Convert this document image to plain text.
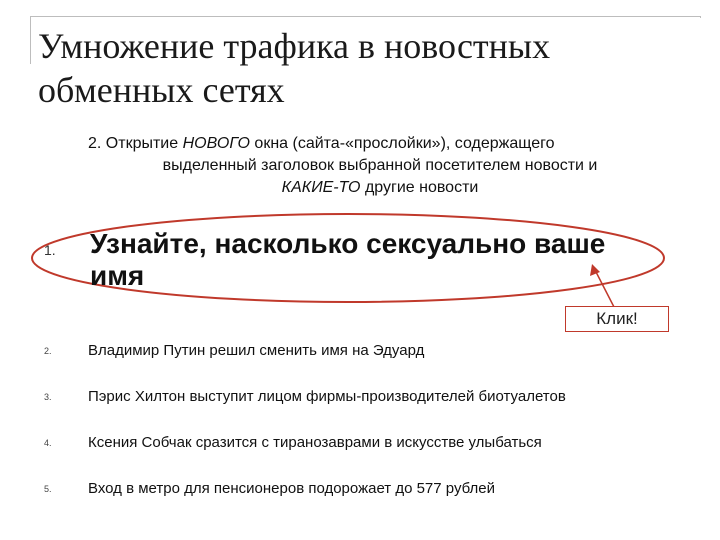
Умножение трафика в новостных обменных сетях

2. Открытие НОВОГО окна (сайта-«прослойки»), содержащего
выделенный заголовок выбранной посетителем новости и
КАКИЕ-ТО другие новости

1. Узнайте, насколько сексуально ваше имя
Клик!
2. Владимир Путин решил сменить имя на Эдуард
3. Пэрис Хилтон выступит лицом фирмы-производителей биотуалетов
4. Ксения Собчак сразится с тиранозаврами в искусстве улыбаться
5. Вход в метро для пенсионеров подорожает до 577 рублей
